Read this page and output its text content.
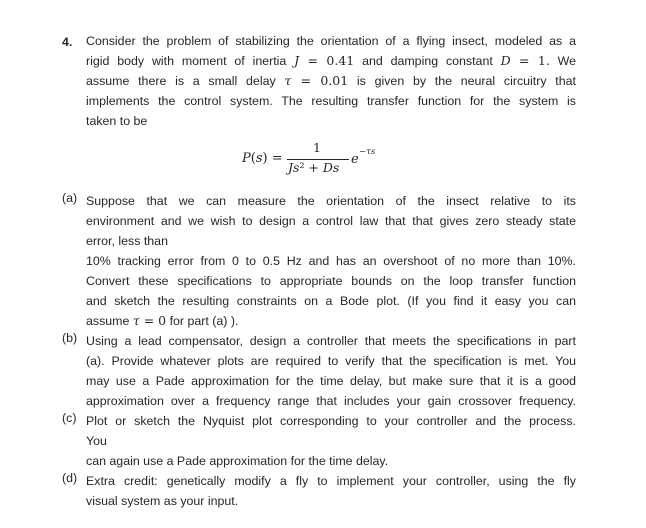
4. Consider the problem of stabilizing the orientation of a flying insect, modeled as a
rigid body with moment of inertia J = 0.41 and damping constant D = 1. We
assume there is a small delay τ = 0.01 is given by the neural circuitry that
implements the control system. The resulting transfer function for the system is
taken to be
P(s) =
1
Js² + Ds
e −τs
(a) Suppose that we can measure the orientation of the insect relative to its
environment and we wish to design a control law that that gives zero steady state
error, less than
10% tracking error from 0 to 0.5 Hz and has an overshoot of no more than 10%.
Convert these specifications to appropriate bounds on the loop transfer function
and sketch the resulting constraints on a Bode plot. (If you find it easy you can
assume τ = 0 for part (a) ).
(b) Using a lead compensator, design a controller that meets the specifications in part
(a). Provide whatever plots are required to verify that the specification is met. You
may use a Pade approximation for the time delay, but make sure that it is a good
approximation over a frequency range that includes your gain crossover frequency.
(c) Plot or sketch the Nyquist plot corresponding to your controller and the process.
You
can again use a Pade approximation for the time delay.
(d) Extra credit: genetically modify a fly to implement your controller, using the fly
visual system as your input.
